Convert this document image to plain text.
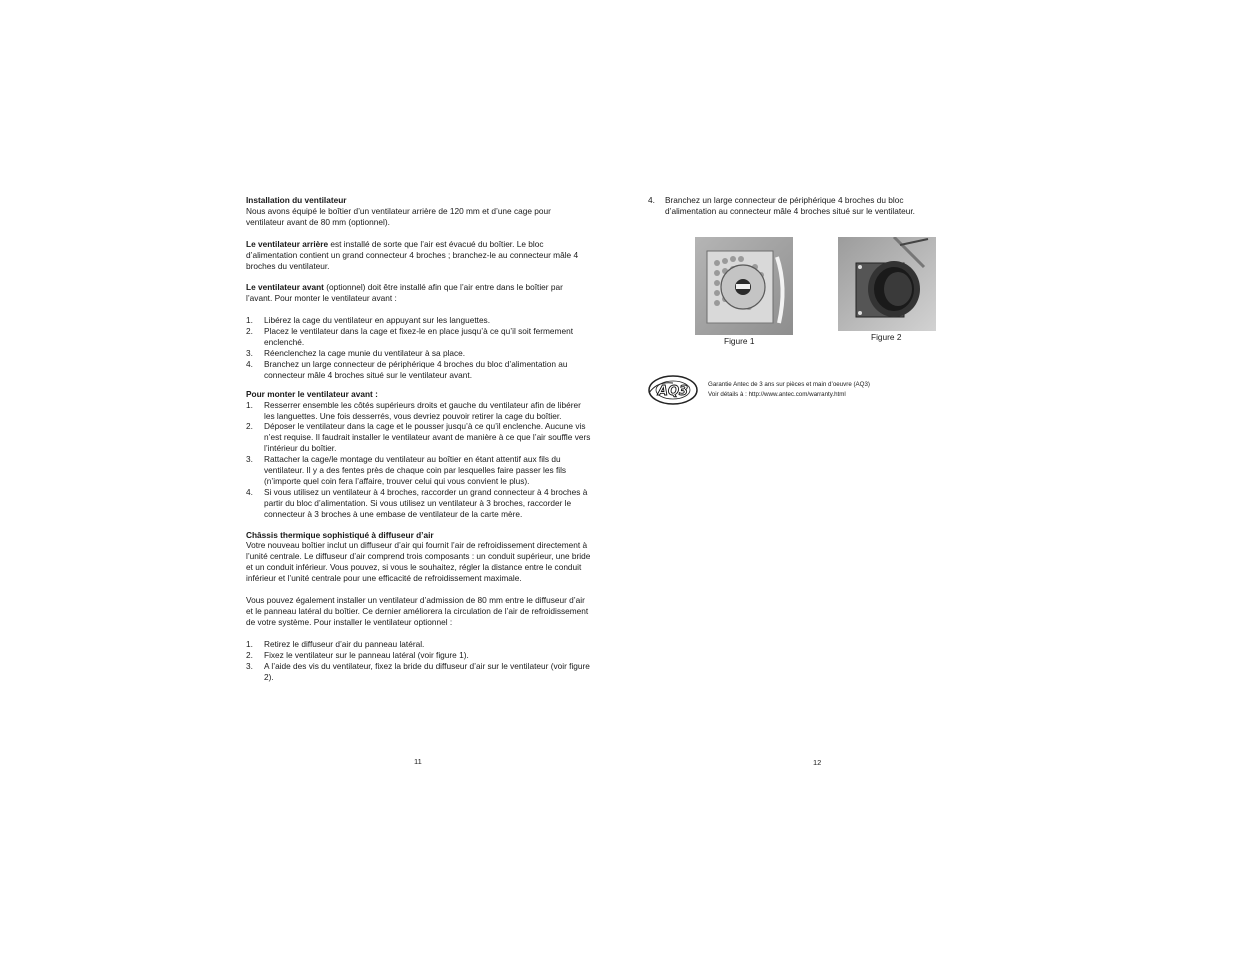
Installation du ventilateur

Nous avons équipé le boîtier d’un ventilateur arrière de 120 mm et d’une cage pour ventilateur avant de 80 mm (optionnel).

Le ventilateur arrière est installé de sorte que l’air est évacué du boîtier. Le bloc d’alimentation contient un grand connecteur 4 broches ; branchez-le au connecteur mâle 4 broches du ventilateur.

Le ventilateur avant (optionnel) doit être installé afin que l’air entre dans le boîtier par l’avant. Pour monter le ventilateur avant :

1. Libérez la cage du ventilateur en appuyant sur les languettes.
2. Placez le ventilateur dans la cage et fixez-le en place jusqu’à ce qu’il soit fermement enclenché.
3. Réenclenchez la cage munie du ventilateur à sa place.
4. Branchez un large connecteur de périphérique 4 broches du bloc d’alimentation au connecteur mâle 4 broches situé sur le ventilateur avant.

Pour monter le ventilateur avant :

1. Resserrer ensemble les côtés supérieurs droits et gauche du ventilateur afin de libérer les languettes. Une fois desserrés, vous devriez pouvoir retirer la cage du boîtier.
2. Déposer le ventilateur dans la cage et le pousser jusqu’à ce qu’il enclenche. Aucune vis n’est requise. Il faudrait installer le ventilateur avant de manière à ce que l’air souffle vers l’intérieur du boîtier.
3. Rattacher la cage/le montage du ventilateur au boîtier en étant attentif aux fils du ventilateur. Il y a des fentes près de chaque coin par lesquelles faire passer les fils (n’importe quel coin fera l’affaire, trouver celui qui vous convient le plus).
4. Si vous utilisez un ventilateur à 4 broches, raccorder un grand connecteur à 4 broches à partir du bloc d’alimentation. Si vous utilisez un ventilateur à 3 broches, raccorder le connecteur à 3 broches à une embase de ventilateur de la carte mère.

Châssis thermique sophistiqué à diffuseur d’air

Votre nouveau boîtier inclut un diffuseur d’air qui fournit l’air de refroidissement directement à l’unité centrale. Le diffuseur d’air comprend trois composants : un conduit supérieur, une bride et un conduit inférieur. Vous pouvez, si vous le souhaitez, régler la distance entre le conduit inférieur et l’unité centrale pour une efficacité de refroidissement maximale.

Vous pouvez également installer un ventilateur d’admission de 80 mm entre le diffuseur d’air et le panneau latéral du boîtier. Ce dernier améliorera la circulation de l’air de refroidissement de votre système. Pour installer le ventilateur optionnel :

1. Retirez le diffuseur d’air du panneau latéral.
2. Fixez le ventilateur sur le panneau latéral (voir figure 1).
3. A l’aide des vis du ventilateur, fixez la bride du diffuseur d’air sur le ventilateur (voir figure 2).
11
4. Branchez un large connecteur de périphérique 4 broches du bloc d’alimentation au connecteur mâle 4 broches situé sur le ventilateur.
Figure 1	Figure 2
AQ3	Garantie Antec de 3 ans sur pièces et main d’oeuvre (AQ3)
Voir détails à : http://www.antec.com/warranty.html
12
